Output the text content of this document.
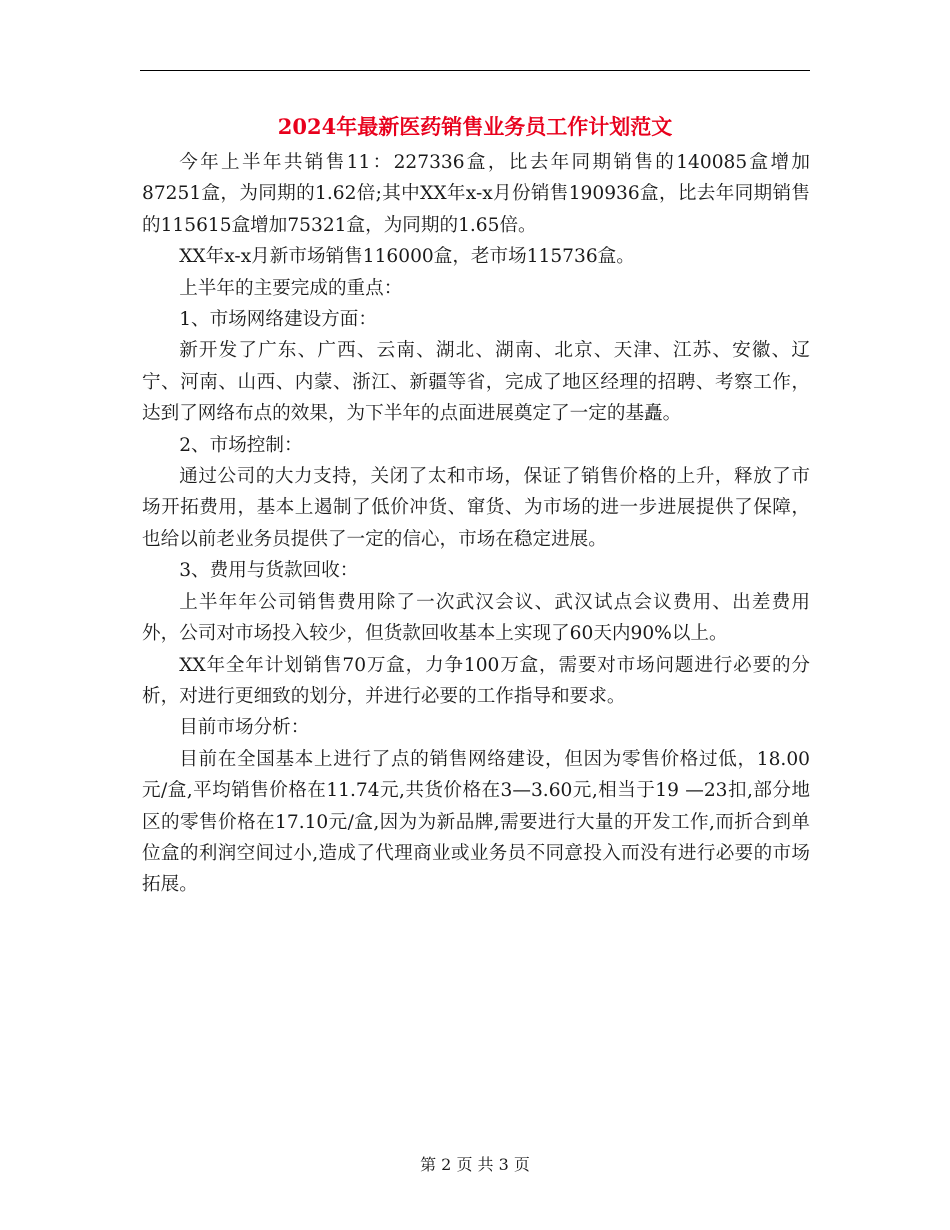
2024年最新医药销售业务员工作计划范文

今年上半年共销售11：227336盒，比去年同期销售的140085盒增加87251盒，为同期的1.62倍;其中XX年x-x月份销售190936盒，比去年同期销售的115615盒增加75321盒，为同期的1.65倍。

XX年x-x月新市场销售116000盒，老市场115736盒。

上半年的主要完成的重点：

1、市场网络建设方面：

新开发了广东、广西、云南、湖北、湖南、北京、天津、江苏、安徽、辽宁、河南、山西、内蒙、浙江、新疆等省，完成了地区经理的招聘、考察工作，达到了网络布点的效果，为下半年的点面进展奠定了一定的基矗。

2、市场控制：

通过公司的大力支持，关闭了太和市场，保证了销售价格的上升，释放了市场开拓费用，基本上遏制了低价冲货、窜货、为市场的进一步进展提供了保障，也给以前老业务员提供了一定的信心，市场在稳定进展。

3、费用与货款回收：

上半年年公司销售费用除了一次武汉会议、武汉试点会议费用、出差费用外，公司对市场投入较少，但货款回收基本上实现了60天内90%以上。

XX年全年计划销售70万盒，力争100万盒，需要对市场问题进行必要的分析，对进行更细致的划分，并进行必要的工作指导和要求。

目前市场分析：

目前在全国基本上进行了点的销售网络建设，但因为零售价格过低，18.00元/盒,平均销售价格在11.74元,共货价格在3—3.60元,相当于19 —23扣,部分地区的零售价格在17.10元/盒,因为为新品牌,需要进行大量的开发工作,而折合到单位盒的利润空间过小,造成了代理商业或业务员不同意投入而没有进行必要的市场拓展。

第 2 页 共 3 页
